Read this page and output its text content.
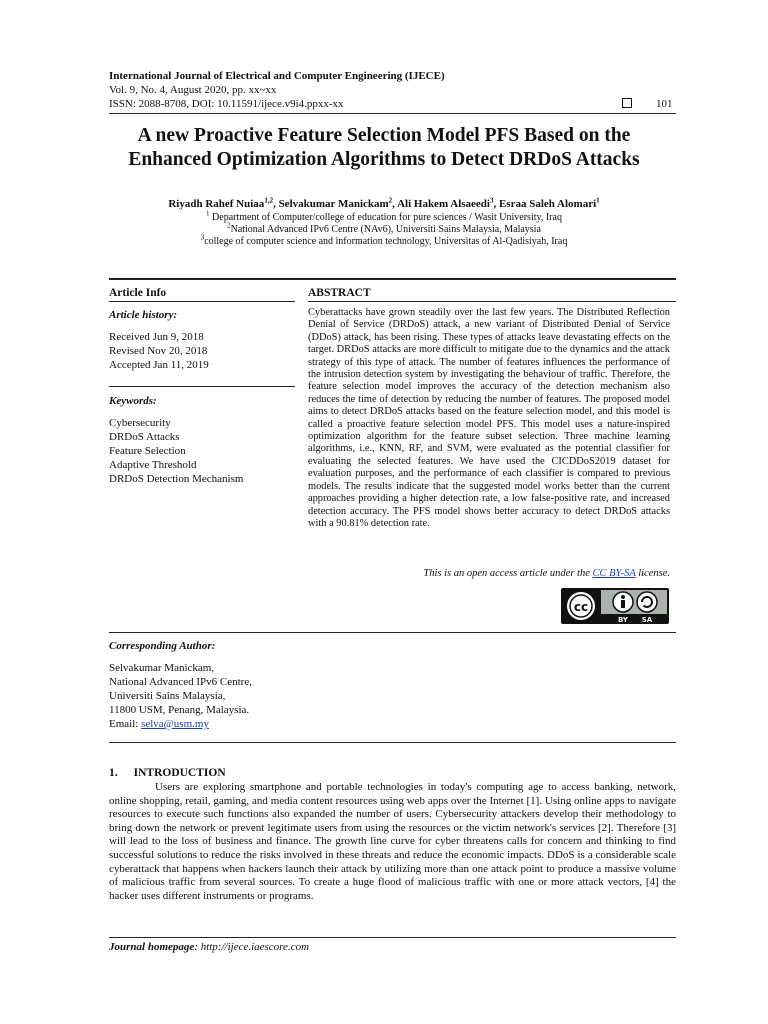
International Journal of Electrical and Computer Engineering (IJECE)
Vol. 9, No. 4, August 2020, pp. xx~xx
ISSN: 2088-8708, DOI: 10.11591/ijece.v9i4.ppxx-xx	101
A new Proactive Feature Selection Model PFS Based on the
Enhanced Optimization Algorithms to Detect DRDoS Attacks
Riyadh Rahef Nuiaa$^{1,2}$, Selvakumar Manickam$^2$, Ali Hakem Alsaeedi$^3$, Esraa Saleh Alomari$^1$
$^1$ Department of Computer/college of education for pure sciences / Wasit University, Iraq
$^2$National Advanced IPv6 Centre (NAv6), Universiti Sains Malaysia, Malaysia
$^3$college of computer science and information technology, Universitas of Al-Qadisiyah, Iraq
Article Info
Article history:
Received Jun 9, 2018
Revised Nov 20, 2018
Accepted Jan 11, 2019
Keywords:
Cybersecurity
DRDoS Attacks
Feature Selection
Adaptive Threshold
DRDoS Detection Mechanism
ABSTRACT
Cyberattacks have grown steadily over the last few years. The Distributed Reflection Denial of Service (DRDoS) attack, a new variant of Distributed Denial of Service (DDoS) attack, has been rising. These types of attacks leave devastating effects on the target. DRDoS attacks are more difficult to mitigate due to the dynamics and the attack strategy of this type of attack. The number of features influences the performance of the intrusion detection system by investigating the behaviour of traffic. Therefore, the feature selection model improves the accuracy of the detection mechanism also reduces the time of detection by reducing the number of features. The proposed model aims to detect DRDoS attacks based on the feature selection model, and this model is called a proactive feature selection model PFS. This model uses a nature-inspired optimization algorithm for the feature subset selection. Three machine learning algorithms, i.e., KNN, RF, and SVM, were evaluated as the potential classifier for evaluating the selected features. We have used the CICDDoS2019 dataset for evaluation purposes, and the performance of each classifier is compared to previous models. The results indicate that the suggested model works better than the current approaches providing a higher detection rate, a low false-positive rate, and increased detection accuracy. The PFS model shows better accuracy to detect DRDoS attacks with a 90.81% detection rate.
This is an open access article under the CC BY-SA license.
cc
BY SA
Corresponding Author:
Selvakumar Manickam,
National Advanced IPv6 Centre,
Universiti Sains Malaysia,
11800 USM, Penang, Malaysia.
Email: selva@usm.my
1. INTRODUCTION
Users are exploring smartphone and portable technologies in today's computing age to access banking, network, online shopping, retail, gaming, and media content resources using web apps over the Internet [1]. Using online apps to navigate resources to execute such functions also expanded the number of users. Cybersecurity attackers develop their methodology to bring down the network or prevent legitimate users from using the resources or the victim network's services [2]. Therefore [3] will lead to the loss of business and finance. The growth line curve for cyber threatens calls for concern and thinking to find successful solutions to reduce the risks involved in these threats and reduce the economic impacts. DDoS is a considerable scale cyberattack that happens when hackers launch their attack by utilizing more than one attack point to produce a massive volume of malicious traffic from several sources. To create a huge flood of malicious traffic with one or more attack vectors, [4] the hacker uses different instruments or programs.
Journal homepage: http://ijece.iaescore.com
